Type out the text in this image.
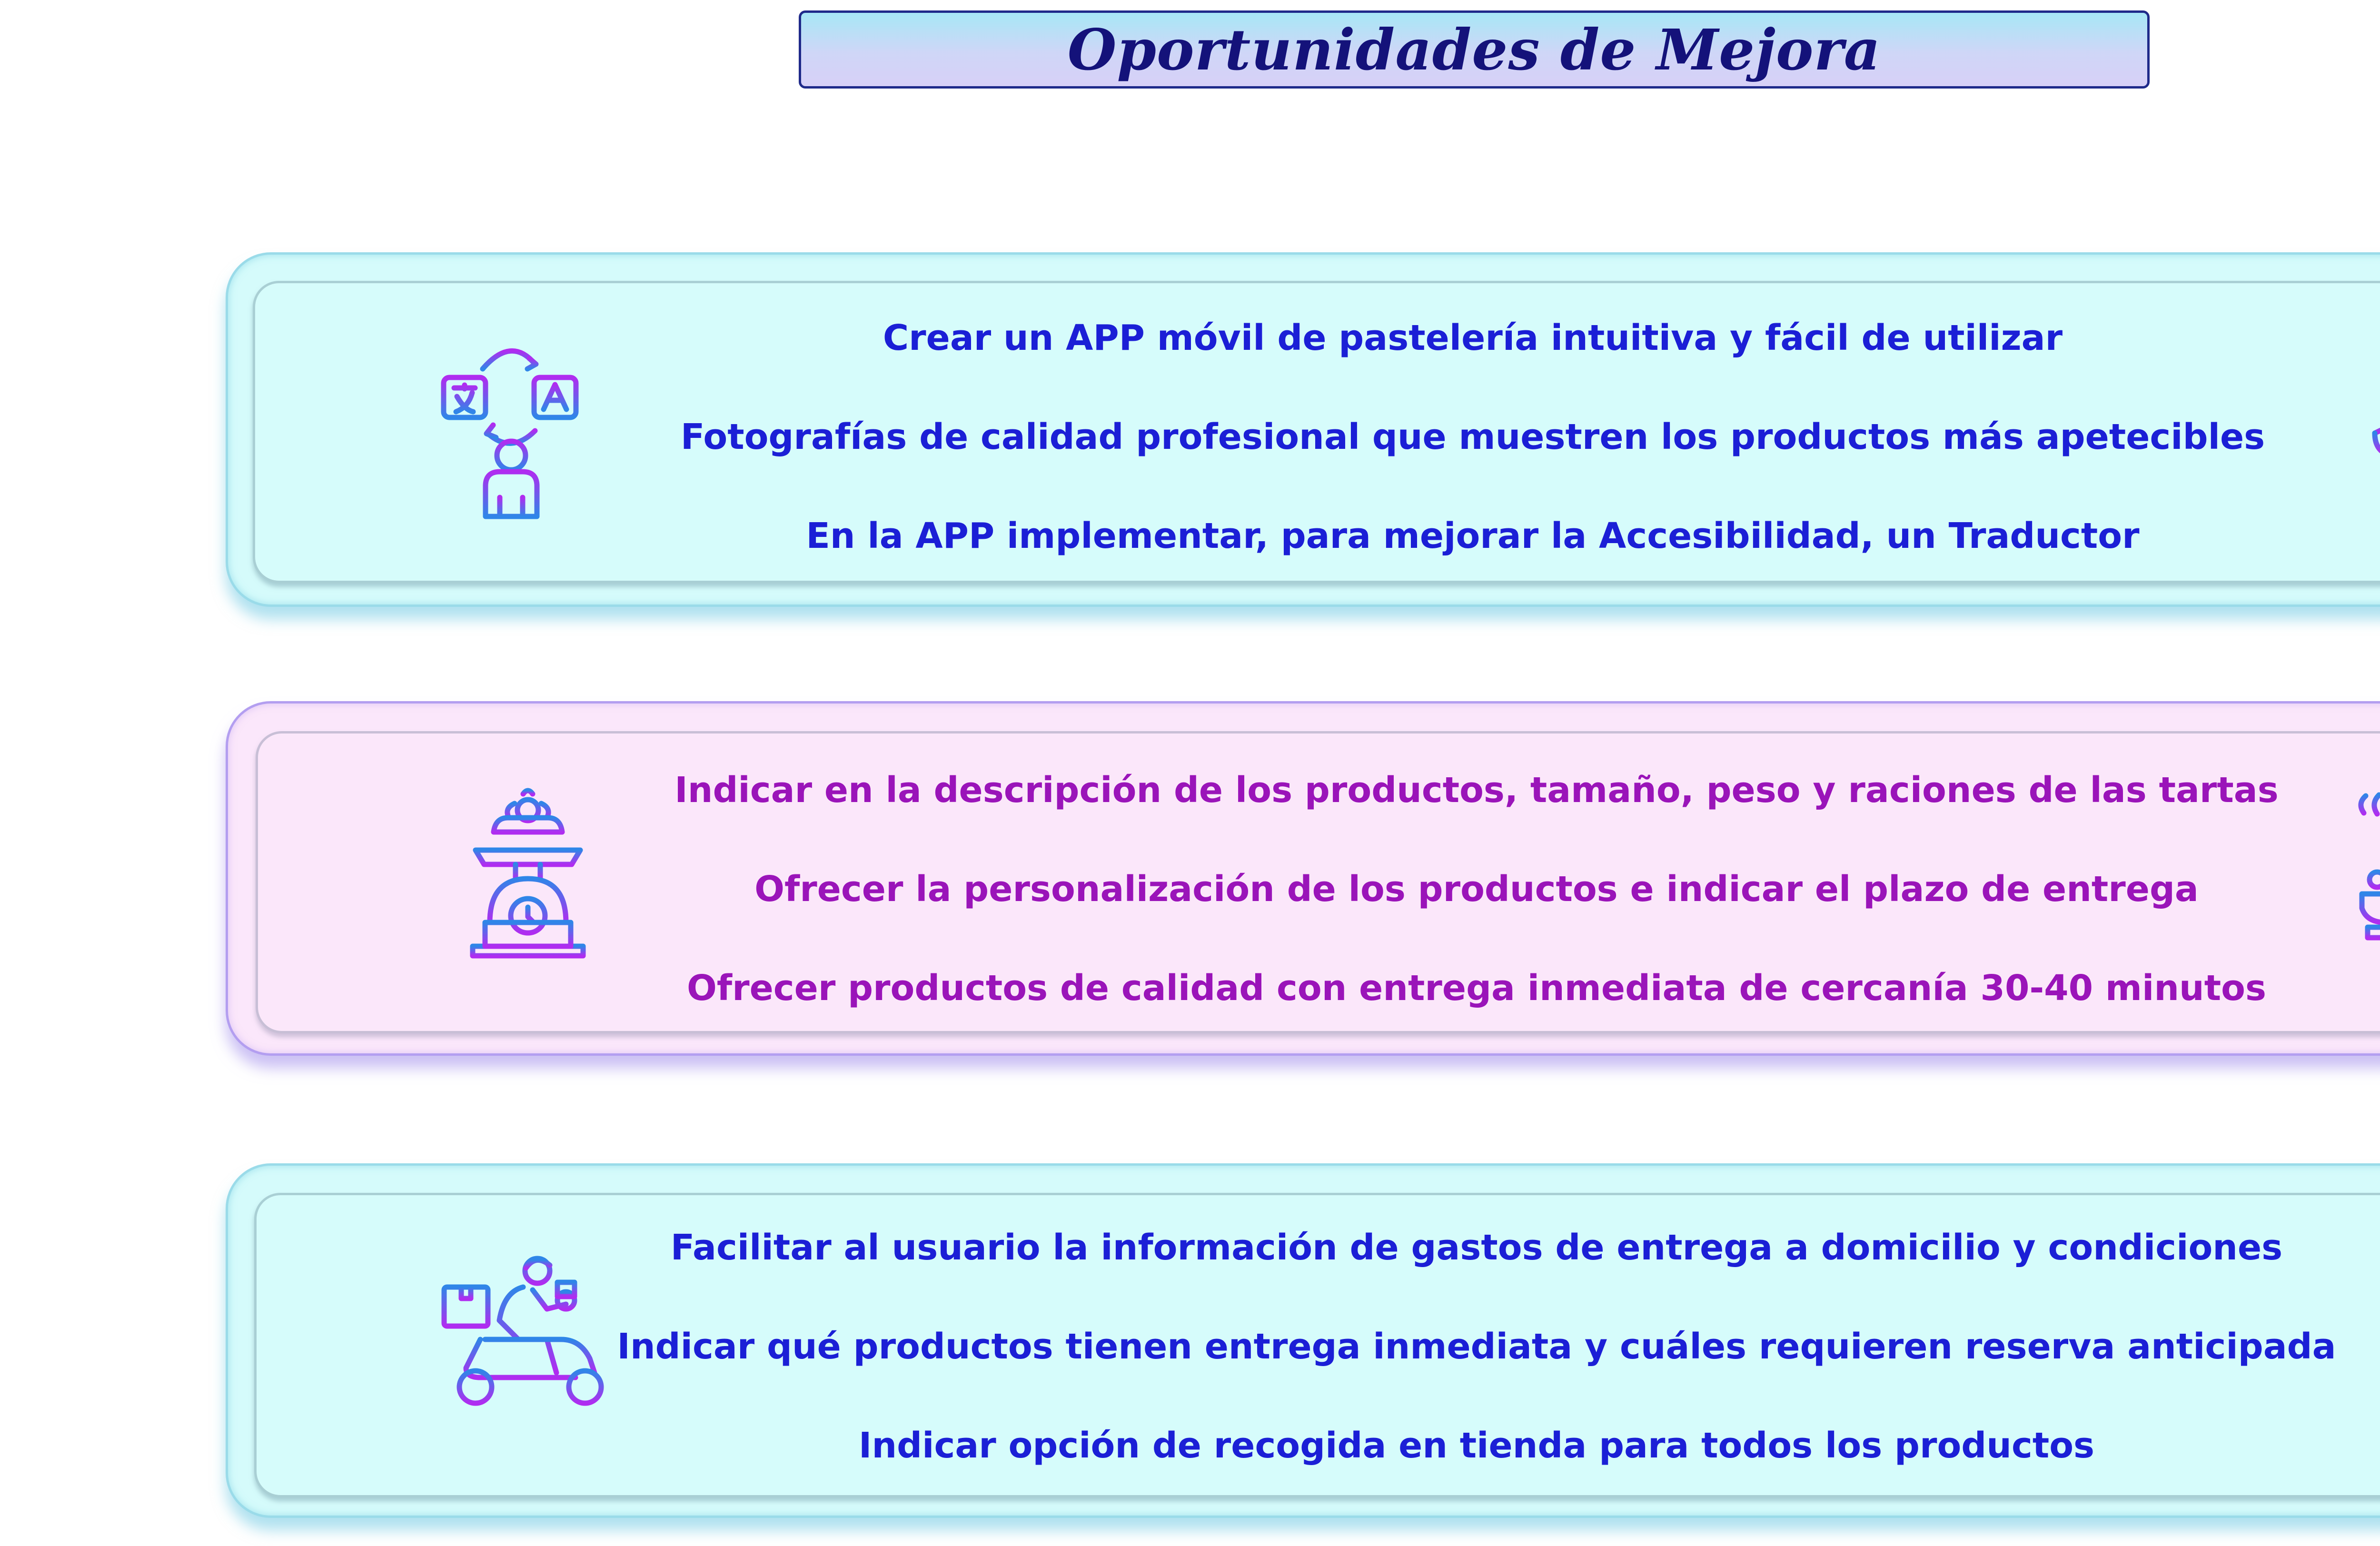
Oportunidades de Mejora
Crear un APP móvil de pastelería intuitiva y fácil de utilizar
Fotografías de calidad profesional que muestren los productos más apetecibles
En la APP implementar, para mejorar la Accesibilidad, un Traductor
Indicar en la descripción de los productos, tamaño, peso y raciones de las tartas
Ofrecer la personalización de los productos e indicar el plazo de entrega
Ofrecer productos de calidad con entrega inmediata de cercanía 30-40 minutos
Facilitar al usuario la información de gastos de entrega a domicilio y condiciones
Indicar qué productos tienen entrega inmediata y cuáles requieren reserva anticipada
Indicar opción de recogida en tienda para todos los productos
